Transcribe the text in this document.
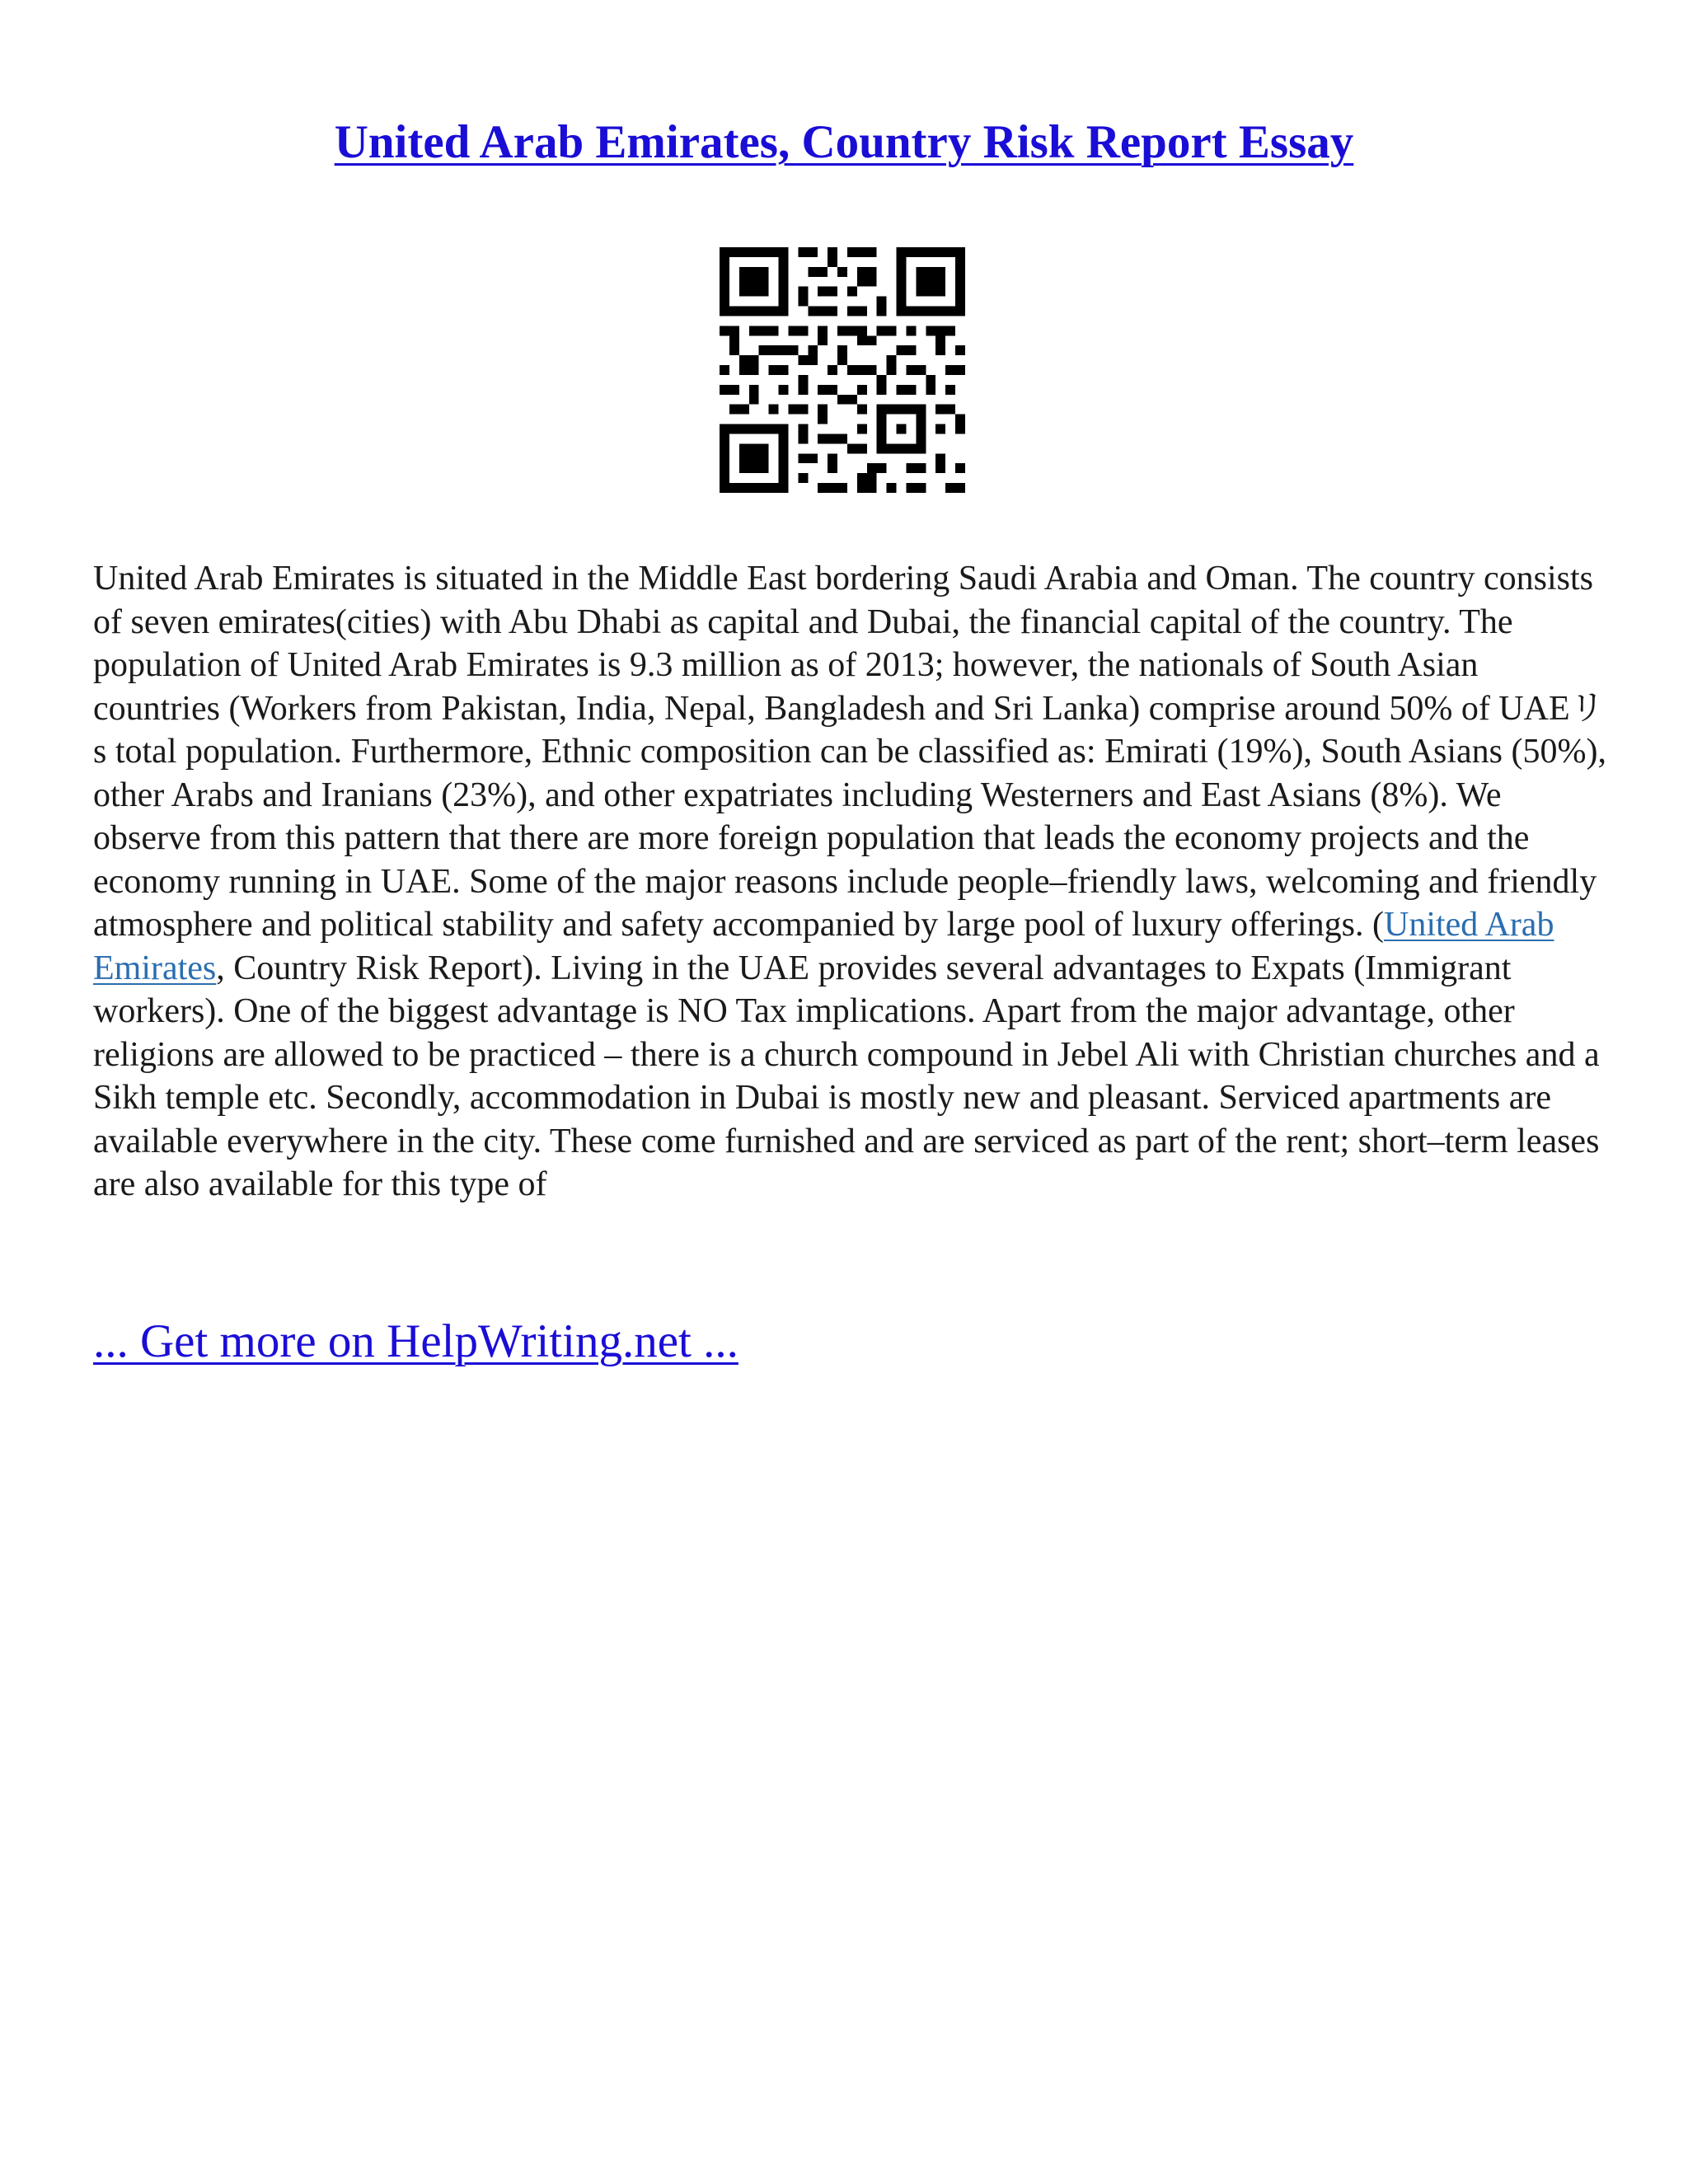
United Arab Emirates, Country Risk Report Essay

United Arab Emirates is situated in the Middle East bordering Saudi Arabia and Oman. The country consists of seven emirates(cities) with Abu Dhabi as capital and Dubai, the financial capital of the country. The population of United Arab Emirates is 9.3 million as of 2013; however, the nationals of South Asian countries (Workers from Pakistan, India, Nepal, Bangladesh and Sri Lanka) comprise around 50% of UAEリs total population. Furthermore, Ethnic composition can be classified as: Emirati (19%), South Asians (50%), other Arabs and Iranians (23%), and other expatriates including Westerners and East Asians (8%). We observe from this pattern that there are more foreign population that leads the economy projects and the economy running in UAE. Some of the major reasons include people–friendly laws, welcoming and friendly atmosphere and political stability and safety accompanied by large pool of luxury offerings. (United Arab Emirates, Country Risk Report). Living in the UAE provides several advantages to Expats (Immigrant workers). One of the biggest advantage is NO Tax implications. Apart from the major advantage, other religions are allowed to be practiced – there is a church compound in Jebel Ali with Christian churches and a Sikh temple etc. Secondly, accommodation in Dubai is mostly new and pleasant. Serviced apartments are available everywhere in the city. These come furnished and are serviced as part of the rent; short–term leases are also available for this type of

... Get more on HelpWriting.net ...
